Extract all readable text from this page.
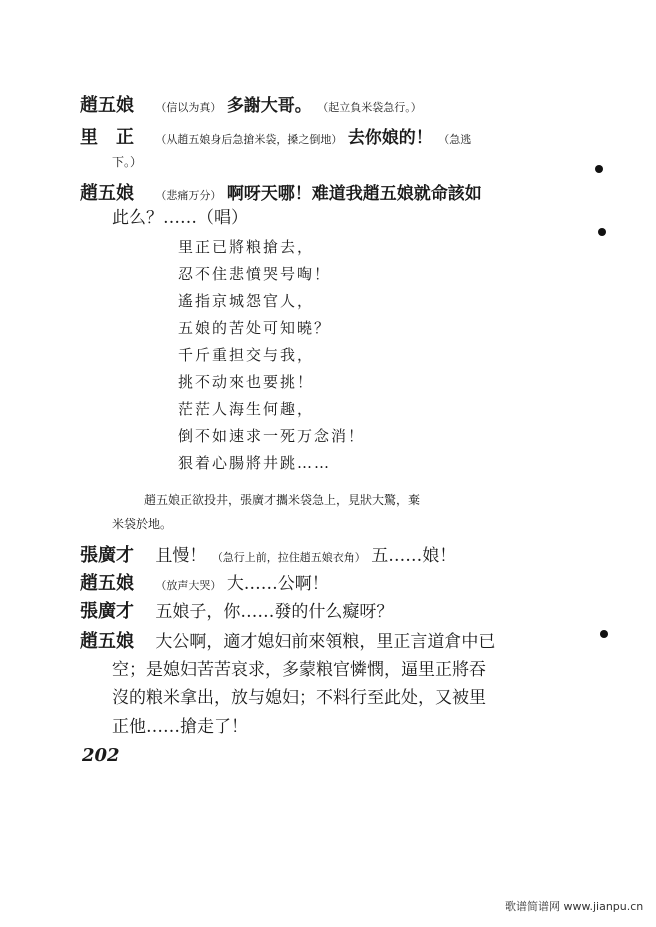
趙五娘 （信以为真） 多謝大哥。 （起立負米袋急行。）
里　正 （从趙五娘身后急搶米袋，搡之倒地） 去你娘的！ （急逃
下。）
趙五娘 （悲痛万分） 啊呀天哪！难道我趙五娘就命該如
此么？……（唱）
里正已將粮搶去，
忍不住悲憤哭号啕！
遙指京城怨官人，
五娘的苦处可知曉？
千斤重担交与我，
挑不动來也要挑！
茫茫人海生何趣，
倒不如速求一死万念消！
狠着心腸將井跳……
趙五娘正欲投井，張廣才攜米袋急上，見狀大驚，棄
米袋於地。
張廣才 且慢！ （急行上前，拉住趙五娘衣角） 五……娘！
趙五娘 （放声大哭） 大……公啊！
張廣才 五娘子，你……發的什么癡呀？
趙五娘 大公啊，適才媳妇前來領粮，里正言道倉中已
空；是媳妇苦苦哀求，多蒙粮官憐憫，逼里正將吞
沒的粮米拿出，放与媳妇；不料行至此处，又被里
正他……搶走了！
202
歌谱简谱网 www.jianpu.cn
